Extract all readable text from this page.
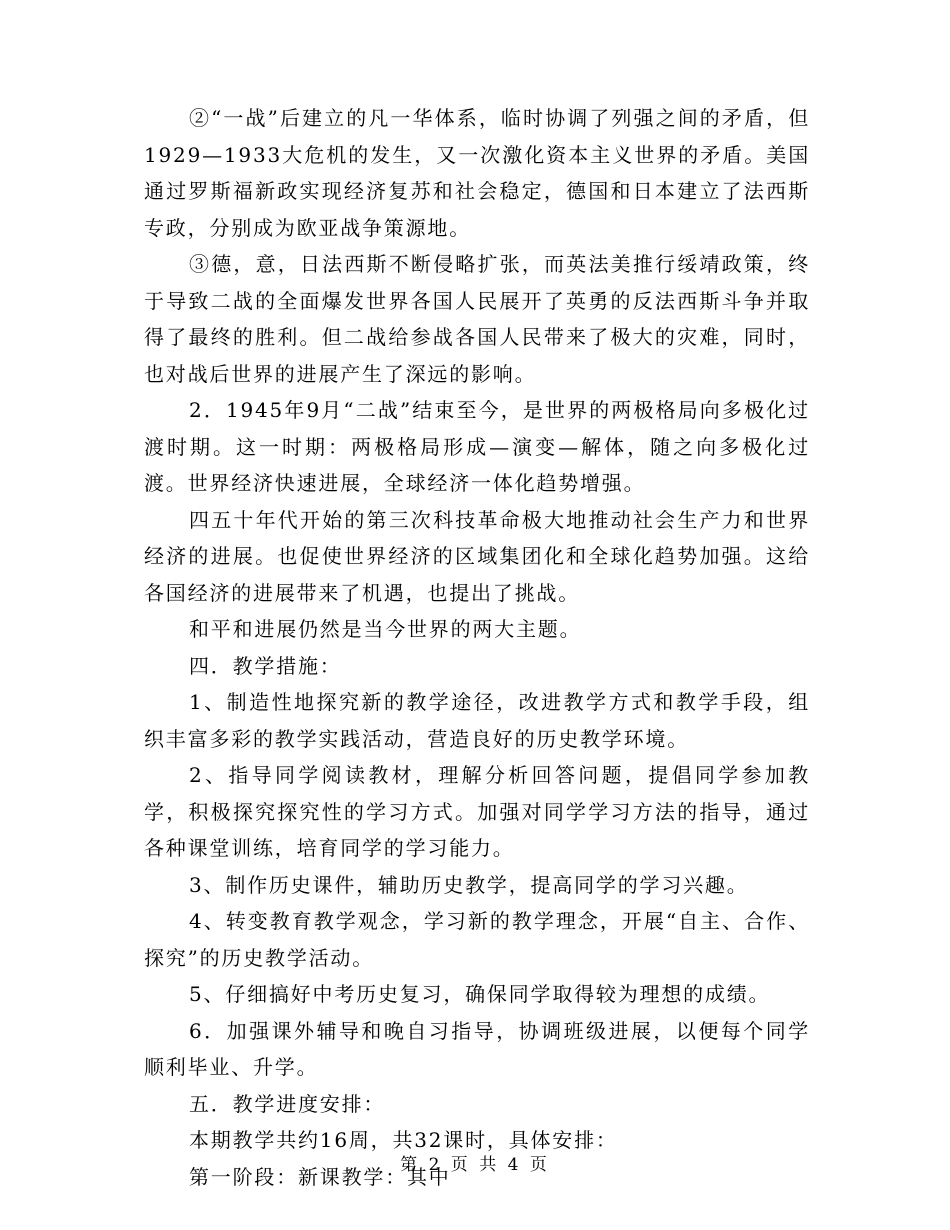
②“一战”后建立的凡一华体系，临时协调了列强之间的矛盾，但1929—1933大危机的发生，又一次激化资本主义世界的矛盾。美国通过罗斯福新政实现经济复苏和社会稳定，德国和日本建立了法西斯专政，分别成为欧亚战争策源地。

③德，意，日法西斯不断侵略扩张，而英法美推行绥靖政策，终于导致二战的全面爆发世界各国人民展开了英勇的反法西斯斗争并取得了最终的胜利。但二战给参战各国人民带来了极大的灾难，同时，也对战后世界的进展产生了深远的影响。

2．1945年9月“二战”结束至今，是世界的两极格局向多极化过渡时期。这一时期：两极格局形成—演变—解体，随之向多极化过渡。世界经济快速进展，全球经济一体化趋势增强。

四五十年代开始的第三次科技革命极大地推动社会生产力和世界经济的进展。也促使世界经济的区域集团化和全球化趋势加强。这给各国经济的进展带来了机遇，也提出了挑战。

和平和进展仍然是当今世界的两大主题。

四．教学措施：

1、制造性地探究新的教学途径，改进教学方式和教学手段，组织丰富多彩的教学实践活动，营造良好的历史教学环境。

2、指导同学阅读教材，理解分析回答问题，提倡同学参加教学，积极探究探究性的学习方式。加强对同学学习方法的指导，通过各种课堂训练，培育同学的学习能力。

3、制作历史课件，辅助历史教学，提高同学的学习兴趣。

4、转变教育教学观念，学习新的教学理念，开展“自主、合作、探究”的历史教学活动。

5、仔细搞好中考历史复习，确保同学取得较为理想的成绩。

6．加强课外辅导和晚自习指导，协调班级进展，以便每个同学顺利毕业、升学。

五．教学进度安排：

本期教学共约16周，共32课时，具体安排：

第一阶段：新课教学：其中

第 2 页 共 4 页
